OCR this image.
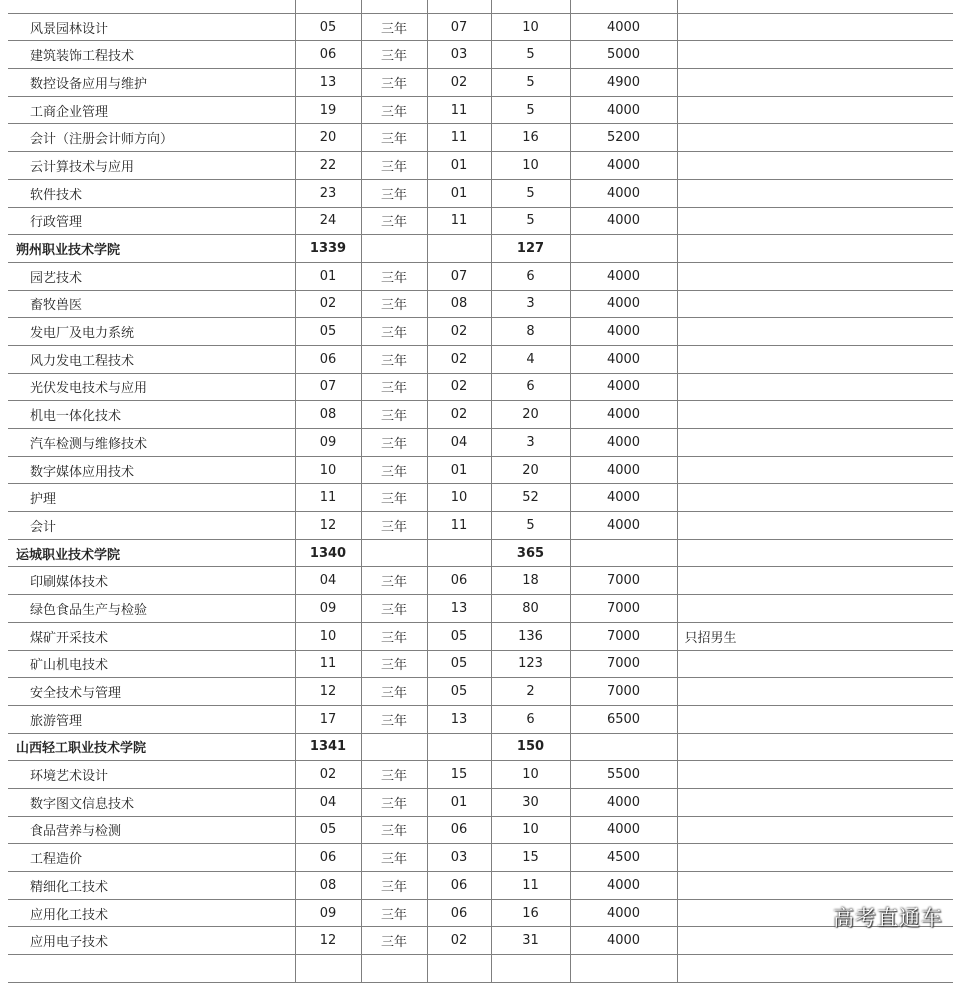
风景园林设计	05	三年	07	10	4000	
建筑装饰工程技术	06	三年	03	5	5000	
数控设备应用与维护	13	三年	02	5	4900	
工商企业管理	19	三年	11	5	4000	
会计（注册会计师方向）	20	三年	11	16	5200	
云计算技术与应用	22	三年	01	10	4000	
软件技术	23	三年	01	5	4000	
行政管理	24	三年	11	5	4000	
朔州职业技术学院	1339			127		
园艺技术	01	三年	07	6	4000	
畜牧兽医	02	三年	08	3	4000	
发电厂及电力系统	05	三年	02	8	4000	
风力发电工程技术	06	三年	02	4	4000	
光伏发电技术与应用	07	三年	02	6	4000	
机电一体化技术	08	三年	02	20	4000	
汽车检测与维修技术	09	三年	04	3	4000	
数字媒体应用技术	10	三年	01	20	4000	
护理	11	三年	10	52	4000	
会计	12	三年	11	5	4000	
运城职业技术学院	1340			365		
印刷媒体技术	04	三年	06	18	7000	
绿色食品生产与检验	09	三年	13	80	7000	
煤矿开采技术	10	三年	05	136	7000	只招男生
矿山机电技术	11	三年	05	123	7000	
安全技术与管理	12	三年	05	2	7000	
旅游管理	17	三年	13	6	6500	
山西轻工职业技术学院	1341			150		
环境艺术设计	02	三年	15	10	5500	
数字图文信息技术	04	三年	01	30	4000	
食品营养与检测	05	三年	06	10	4000	
工程造价	06	三年	03	15	4500	
精细化工技术	08	三年	06	11	4000	
应用化工技术	09	三年	06	16	4000	
应用电子技术	12	三年	02	31	4000	

高考直通车
